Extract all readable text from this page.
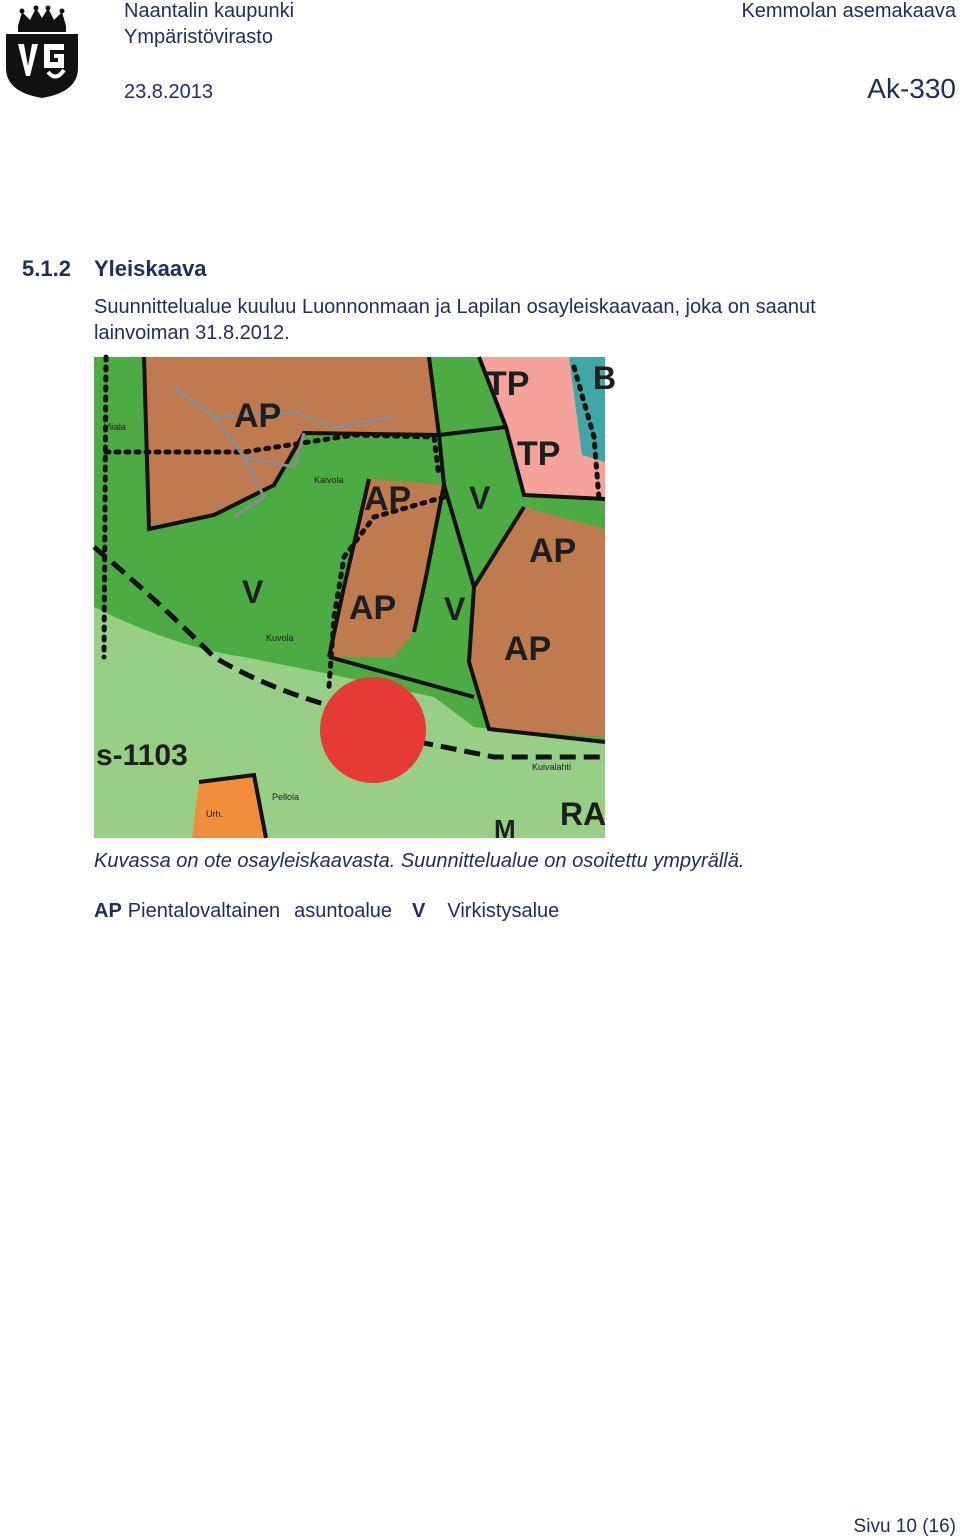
Naantalin kaupunki
Ympäristövirasto
23.8.2013
Kemmolan asemakaava
Ak-330
5.1.2 Yleiskaava
Suunnittelualue kuuluu Luonnonmaan ja Lapilan osayleiskaavaan, joka on saanut
lainvoiman 31.8.2012.
AP
AP
AP
AP
AP
V
V	V
TP
TP
B
s-1103
RA
M
Kaivola
Kuivalahti
Viiala
Kuvola
Pellola
Urh.
Kuvassa on ote osayleiskaavasta. Suunnittelualue on osoitettu ympyrällä.
AP Pientalovaltainen asuntoalue V Virkistysalue
Sivu 10 (16)
